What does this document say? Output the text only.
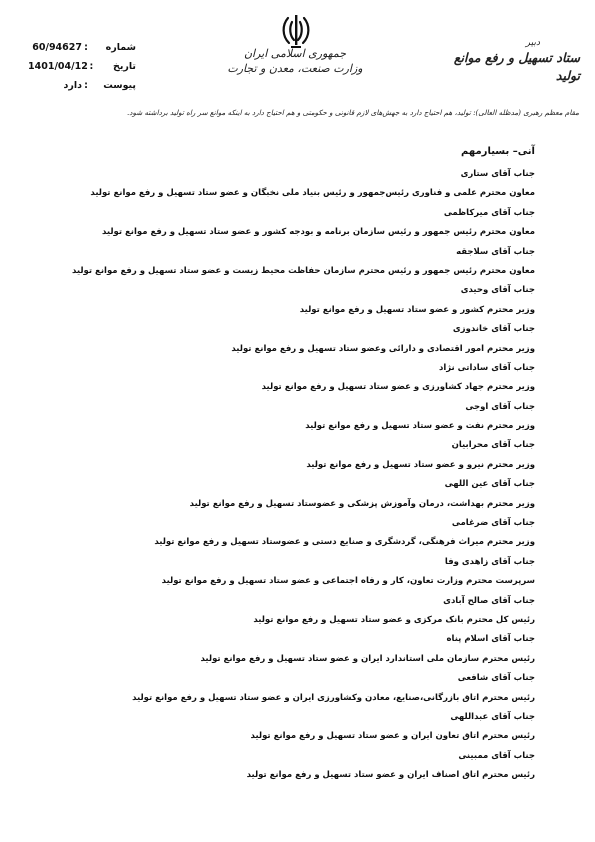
شماره
:
60/94627
تاریخ
:
1401/04/12
پیوست
:
دارد
جمهوری اسلامی ایران
وزارت صنعت، معدن و تجارت
دبیر
ستاد تسهیل و رفع موانع تولید
مقام معظم رهبری (مدظله العالی): تولید، هم احتیاج دارد به جهش‌های لازم قانونی و حکومتی و هم احتیاج دارد به اینکه موانع سر راه تولید برداشته شود.
آنی– بسیارمهم
جناب آقای ستاری
معاون محترم علمی و فناوری رئیس‌جمهور و رئیس بنیاد ملی نخبگان و عضو ستاد تسهیل و رفع موانع تولید
جناب آقای میرکاظمی
معاون محترم رئیس جمهور و رئیس سازمان برنامه و بودجه کشور و عضو ستاد تسهیل و رفع موانع تولید
جناب آقای سلاجقه
معاون محترم رئیس جمهور و رئیس محترم سازمان حفاظت محیط زیست و عضو ستاد تسهیل و رفع موانع تولید
جناب آقای وحیدی
وزیر محترم کشور و عضو ستاد تسهیل و رفع موانع تولید
جناب آقای خاندوزی
وزیر محترم امور اقتصادی و دارائی وعضو ستاد تسهیل و رفع موانع تولید
جناب آقای ساداتی نژاد
وزیر محترم جهاد کشاورزی و عضو ستاد تسهیل و رفع موانع تولید
جناب آقای اوجی
وزیر محترم نفت و عضو ستاد تسهیل و رفع موانع تولید
جناب آقای محرابیان
وزیر محترم نیرو و عضو ستاد تسهیل و رفع موانع تولید
جناب آقای عین اللهی
وزیر محترم بهداشت، درمان وآموزش پزشکی و عضوستاد تسهیل و رفع موانع تولید
جناب آقای ضرغامی
وزیر محترم میراث فرهنگی، گردشگری و صنایع دستی و عضوستاد تسهیل و رفع موانع تولید
جناب آقای زاهدی وفا
سرپرست محترم وزارت تعاون، کار و رفاه اجتماعی و عضو ستاد تسهیل و رفع موانع تولید
جناب آقای صالح آبادی
رئیس کل محترم بانک مرکزی و عضو ستاد تسهیل و رفع موانع تولید
جناب آقای اسلام پناه
رئیس محترم سازمان ملی استاندارد ایران و عضو ستاد تسهیل و رفع موانع تولید
جناب آقای شافعی
رئیس محترم اتاق بازرگانی،صنایع، معادن وکشاورزی ایران و عضو ستاد تسهیل و رفع موانع تولید
جناب آقای عبداللهی
رئیس محترم اتاق تعاون ایران و عضو ستاد تسهیل و رفع موانع تولید
جناب آقای ممبینی
رئیس محترم اتاق اصناف ایران و عضو ستاد تسهیل و رفع موانع تولید
